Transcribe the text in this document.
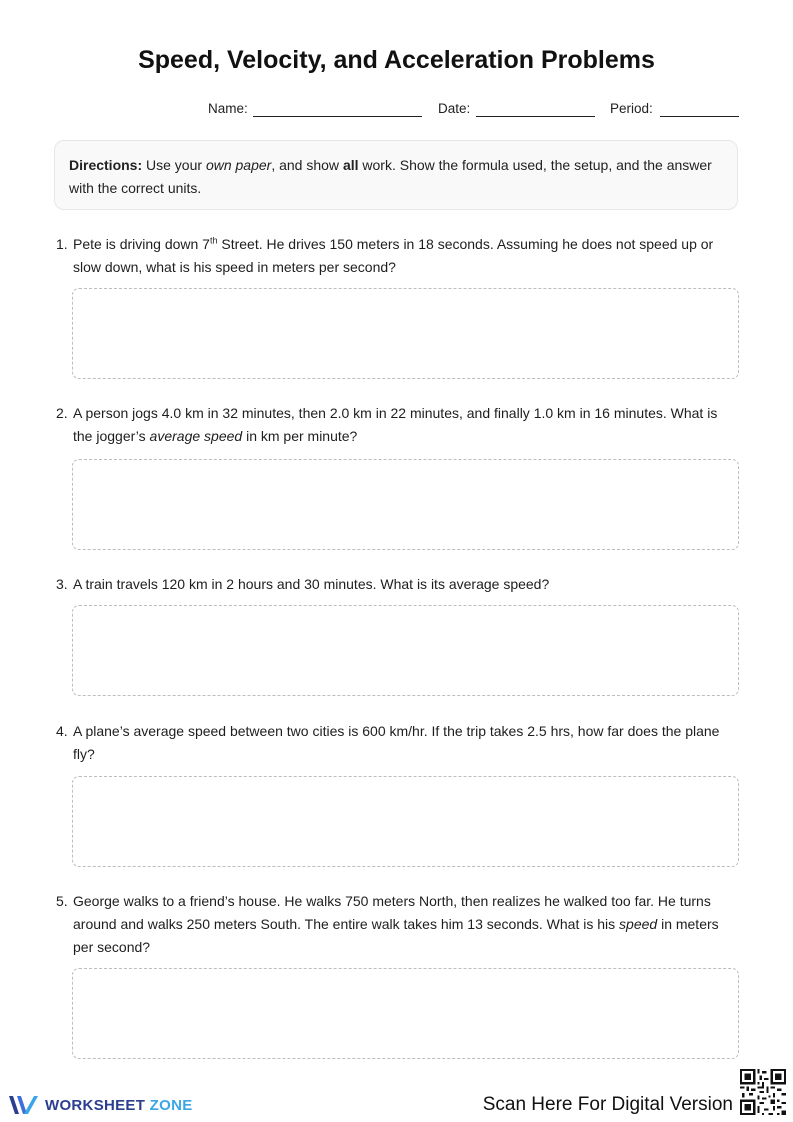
Speed, Velocity, and Acceleration Problems
Name:	Date:	Period:
Directions: Use your own paper, and show all work. Show the formula used, the setup, and the answer with the correct units.
1. Pete is driving down 7th Street. He drives 150 meters in 18 seconds. Assuming he does not speed up or slow down, what is his speed in meters per second?
2. A person jogs 4.0 km in 32 minutes, then 2.0 km in 22 minutes, and finally 1.0 km in 16 minutes. What is the jogger’s average speed in km per minute?
3. A train travels 120 km in 2 hours and 30 minutes. What is its average speed?
4. A plane’s average speed between two cities is 600 km/hr. If the trip takes 2.5 hrs, how far does the plane fly?
5. George walks to a friend’s house. He walks 750 meters North, then realizes he walked too far. He turns around and walks 250 meters South. The entire walk takes him 13 seconds. What is his speed in meters per second?
WORKSHEET ZONE	Scan Here For Digital Version
